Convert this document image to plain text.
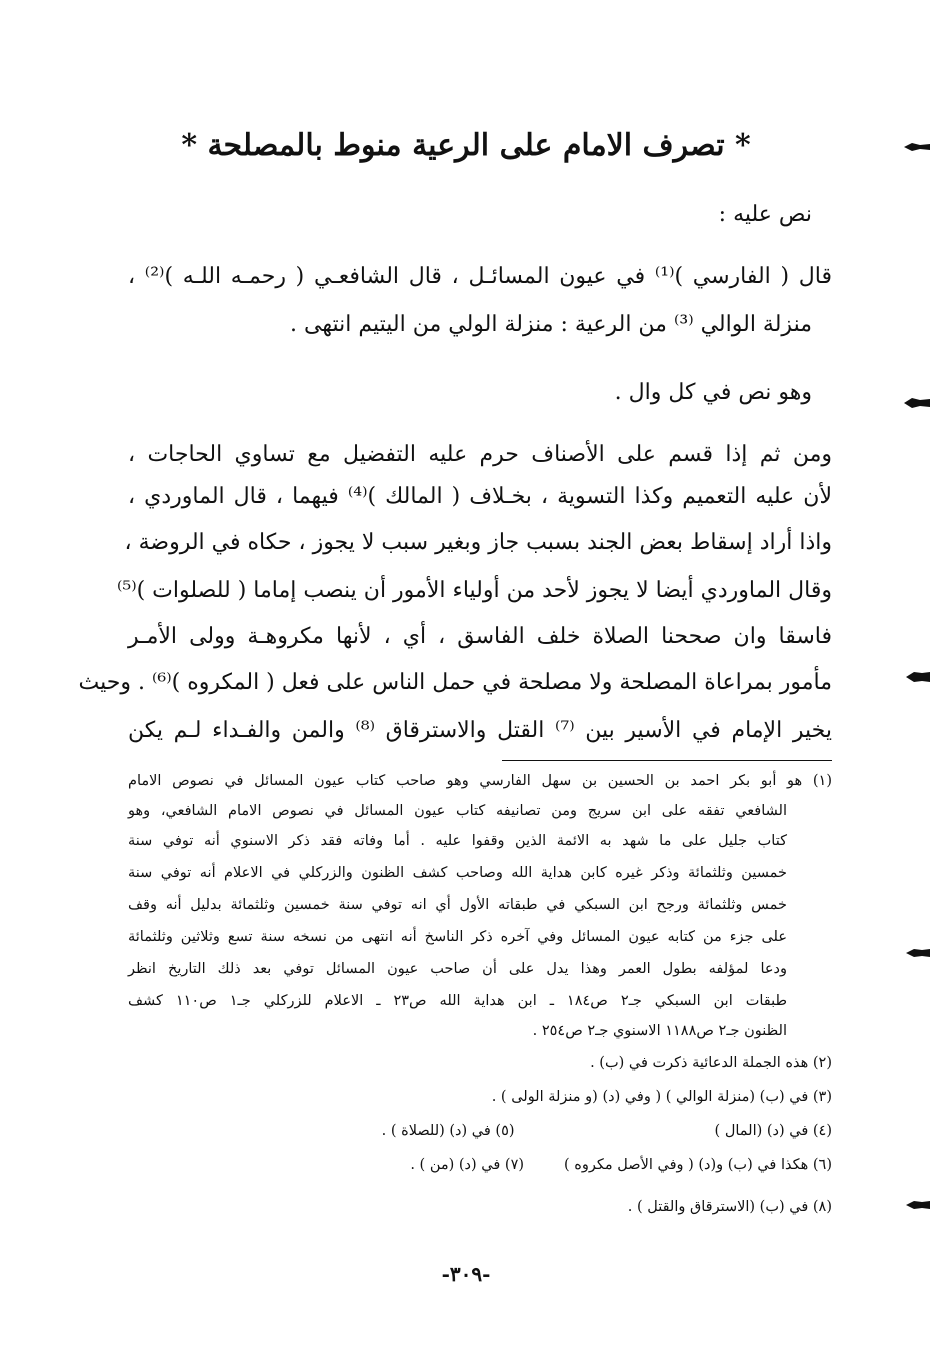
* تصرف الامام على الرعية منوط بالمصلحة *
نص عليه :
قال ( الفارسي )⁽¹⁾ في عيون المسائـل ، قال الشافعـي ( رحمـه اللـه )⁽²⁾ ،
منزلة الوالي ⁽³⁾ من الرعية : منزلة الولي من اليتيم انتهى .
وهو نص في كل وال .
ومن ثم إذا قسم على الأصناف حرم عليه التفضيل مع تساوي الحاجات ،
لأن عليه التعميم وكذا التسوية ، بخـلاف ( المالك )⁽⁴⁾ فيهما ، قال الماوردي ،
واذا أراد إسقاط بعض الجند بسبب جاز وبغير سبب لا يجوز ، حكاه في الروضة ،
وقال الماوردي أيضا لا يجوز لأحد من أولياء الأمور أن ينصب إماما ( للصلوات )⁽⁵⁾
فاسقا وان صححنا الصلاة خلف الفاسق ، أي ، لأنها مكروهـة وولى الأمـر
مأمور بمراعاة المصلحة ولا مصلحة في حمل الناس على فعل ( المكروه )⁽⁶⁾ . وحيث
يخير الإمام في الأسير بين ⁽⁷⁾ القتل والاسترقاق ⁽⁸⁾ والمن والفـداء لـم يكن
(١) هو أبو بكر احمد بن الحسين بن سهل الفارسي وهو صاحب كتاب عيون المسائل في نصوص الامام
الشافعي تفقه على ابن سريج ومن تصانيفه كتاب عيون المسائل في نصوص الامام الشافعي، وهو
كتاب جليل على ما شهد به الائمة الذين وقفوا عليه . أما وفاته فقد ذكر الاسنوي أنه توفي سنة
خمسين وثلثمائة وذكر غيره كابن هداية الله وصاحب كشف الظنون والزركلي في الاعلام أنه توفي سنة
خمس وثلثمائة ورجح ابن السبكي في طبقاته الأول أي انه توفي سنة خمسين وثلثمائة بدليل أنه وقف
على جزء من كتابه عيون المسائل وفي آخره ذكر الناسخ أنه انتهى من نسخه سنة تسع وثلاثين وثلثمائة
ودعا لمؤلفه بطول العمر وهذا يدل على أن صاحب عيون المسائل توفي بعد ذلك التاريخ انظر
طبقات ابن السبكي جـ٢ ص١٨٤ ـ ابن هداية الله ص٢٣ ـ الاعلام للزركلي جـ١ ص١١٠ كشف
الظنون جـ٢ ص١١٨٨ الاسنوي جـ٢ ص٢٥٤ .
(٢) هذه الجملة الدعائية ذكرت في (ب) .
(٣) في (ب) (منزلة الوالي ) ( وفي (د) (و منزلة الولى ) .
(٤) في (د) (المال )
(٥) في (د) (للصلاة ) .
(٦) هكذا في (ب) و(د) ( وفي الأصل مكروه )
(٧) في (د) (من ) .
(٨) في (ب) (الاسترقاق والقتل ) .
-٣٠٩-
